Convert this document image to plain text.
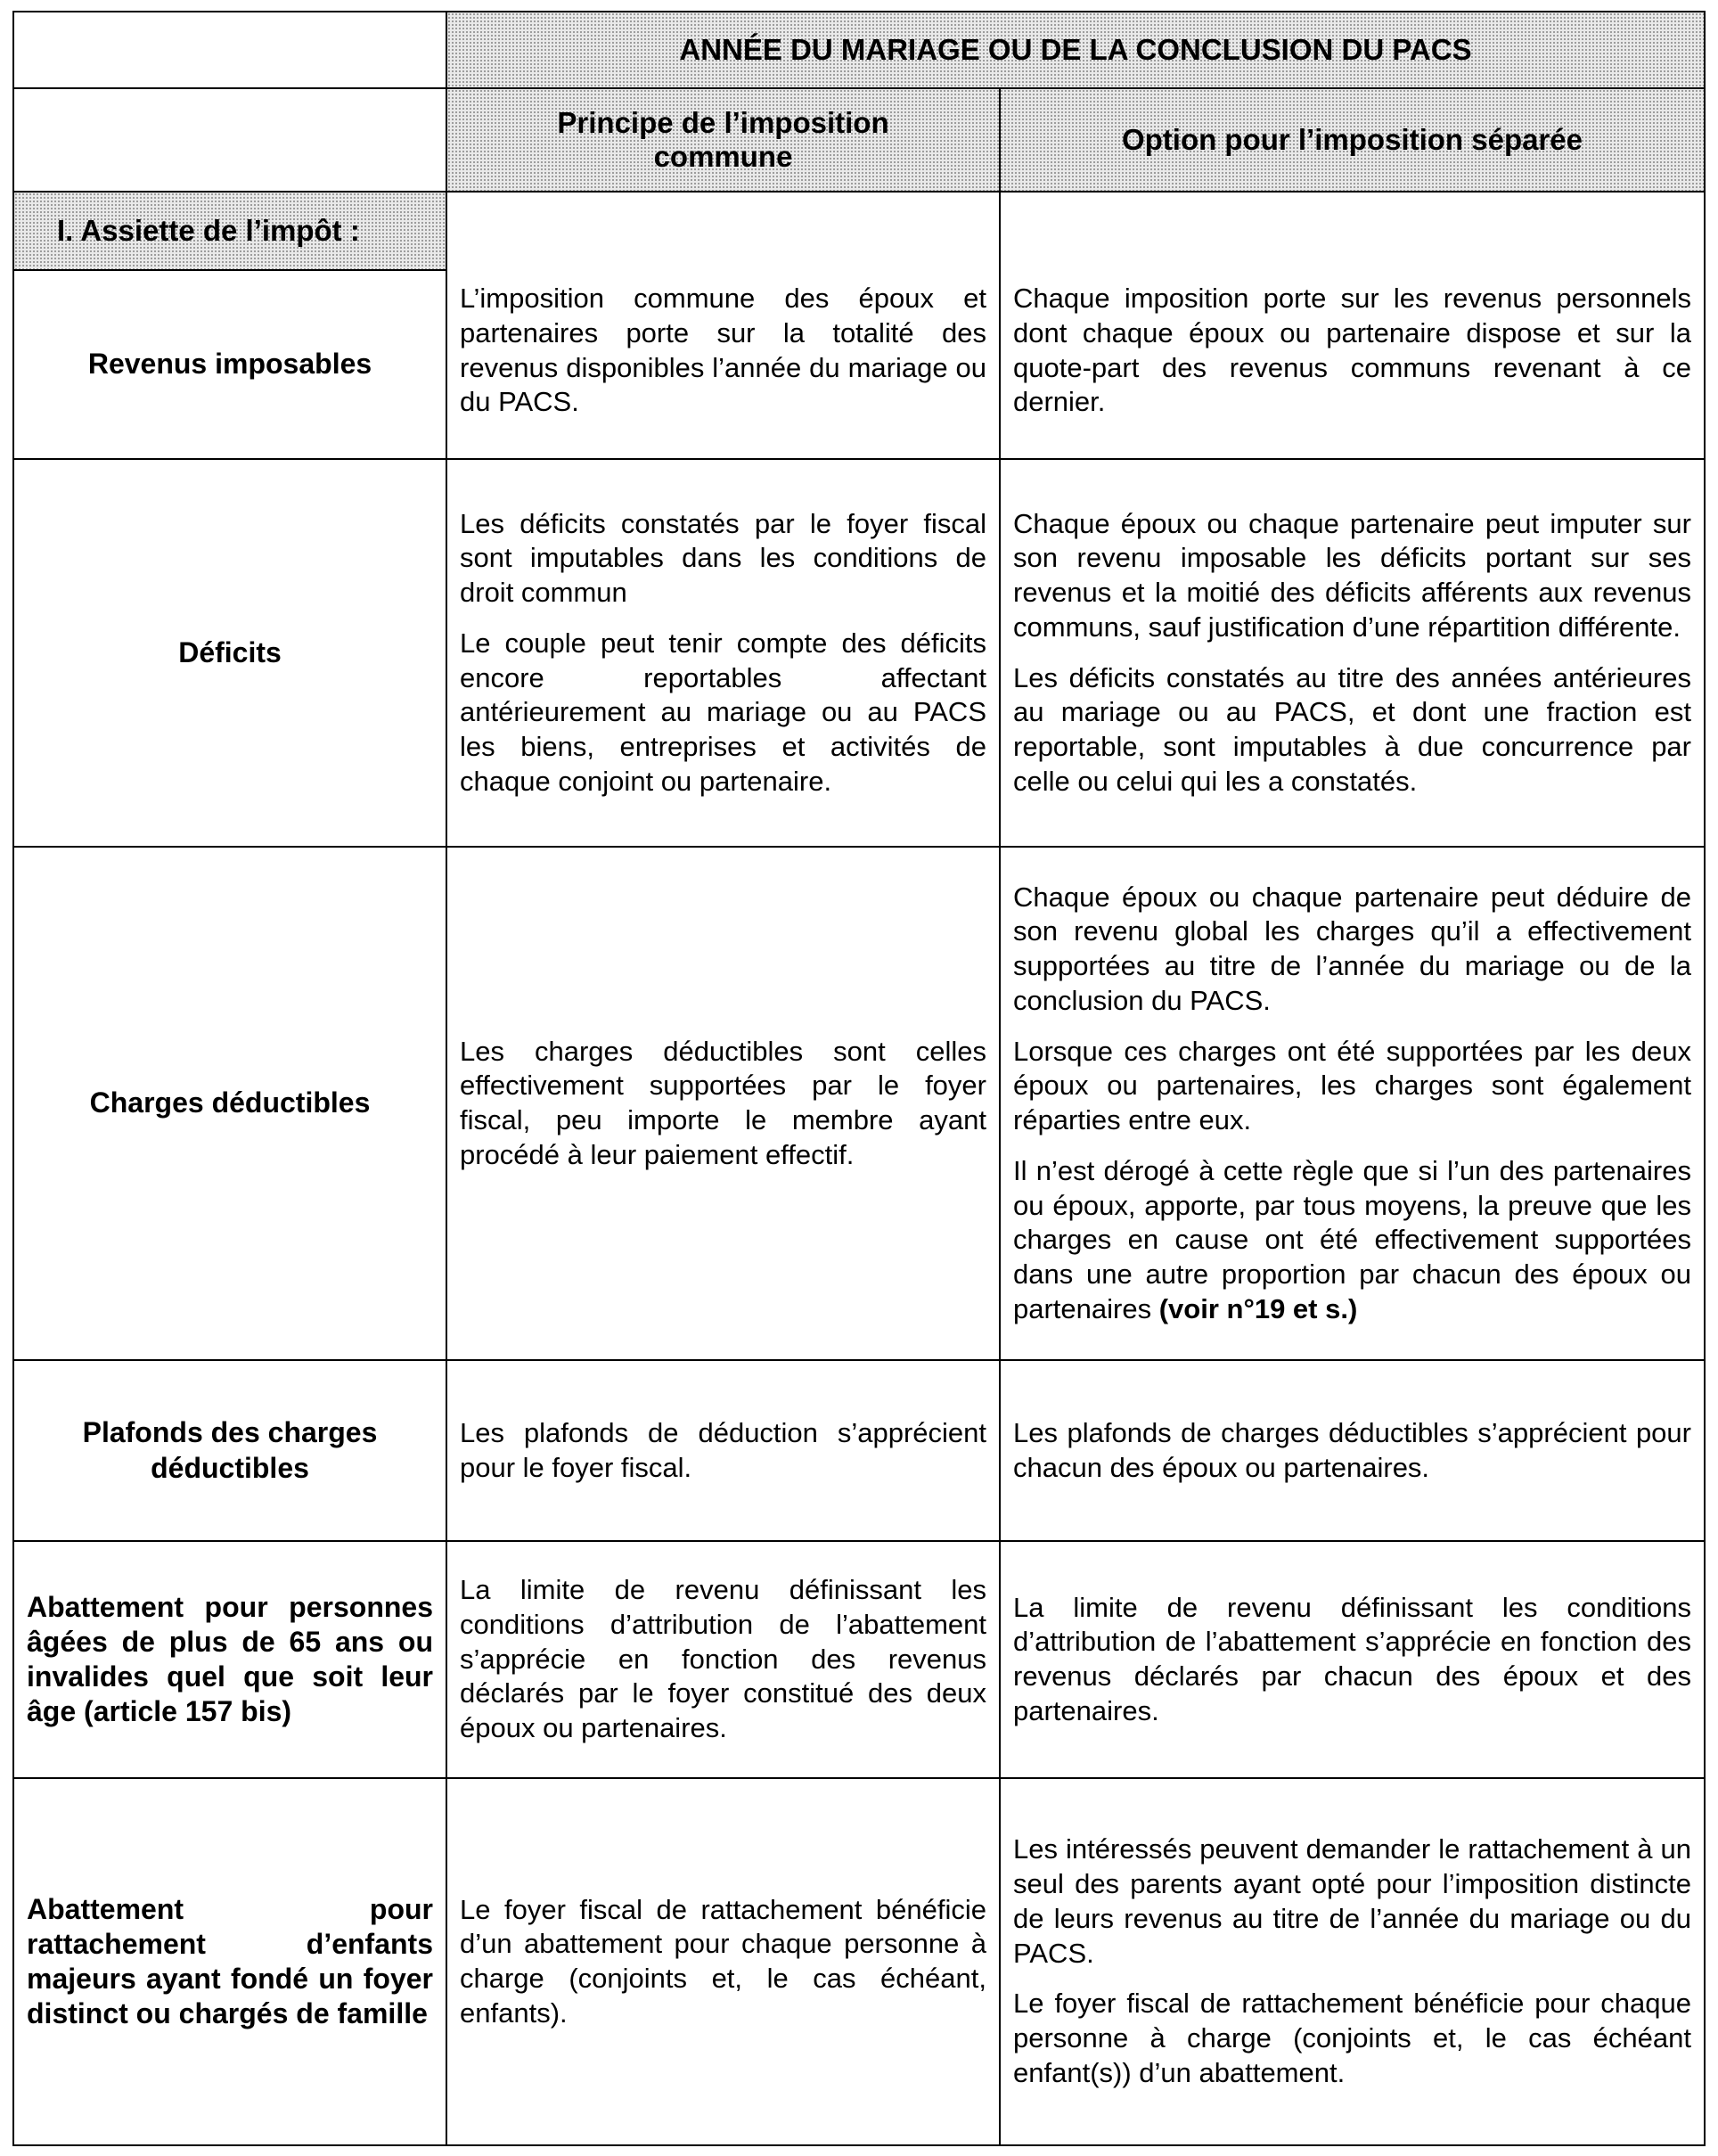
ANNÉE DU MARIAGE OU DE LA CONCLUSION DU PACS
Principe de l’imposition commune
Option pour l’imposition séparée
I. Assiette de l’impôt :
Revenus imposables

L’imposition commune des époux et partenaires porte sur la totalité des revenus disponibles l’année du mariage ou du PACS.

Chaque imposition porte sur les revenus personnels dont chaque époux ou partenaire dispose et sur la quote-part des revenus communs revenant à ce dernier.

Déficits

Les déficits constatés par le foyer fiscal sont imputables dans les conditions de droit commun

Le couple peut tenir compte des déficits encore reportables affectant antérieurement au mariage ou au PACS les biens, entreprises et activités de chaque conjoint ou partenaire.

Chaque époux ou chaque partenaire peut imputer sur son revenu imposable les déficits portant sur ses revenus et la moitié des déficits afférents aux revenus communs, sauf justification d’une répartition différente.

Les déficits constatés au titre des années antérieures au mariage ou au PACS, et dont une fraction est reportable, sont imputables à due concurrence par celle ou celui qui les a constatés.

Charges déductibles

Les charges déductibles sont celles effectivement supportées par le foyer fiscal, peu importe le membre ayant procédé à leur paiement effectif.

Chaque époux ou chaque partenaire peut déduire de son revenu global les charges qu’il a effectivement supportées au titre de l’année du mariage ou de la conclusion du PACS.

Lorsque ces charges ont été supportées par les deux époux ou partenaires, les charges sont également réparties entre eux.

Il n’est dérogé à cette règle que si l’un des partenaires ou époux, apporte, par tous moyens, la preuve que les charges en cause ont été effectivement supportées dans une autre proportion par chacun des époux ou partenaires (voir n°19 et s.)

Plafonds des charges déductibles

Les plafonds de déduction s’apprécient pour le foyer fiscal.

Les plafonds de charges déductibles s’apprécient pour chacun des époux ou partenaires.

Abattement pour personnes âgées de plus de 65 ans ou invalides quel que soit leur âge (article 157 bis)

La limite de revenu définissant les conditions d’attribution de l’abattement s’apprécie en fonction des revenus déclarés par le foyer constitué des deux époux ou partenaires.

La limite de revenu définissant les conditions d’attribution de l’abattement s’apprécie en fonction des revenus déclarés par chacun des époux et des partenaires.

Abattement pour rattachement d’enfants majeurs ayant fondé un foyer distinct ou chargés de famille

Le foyer fiscal de rattachement bénéficie d’un abattement pour chaque personne à charge (conjoints et, le cas échéant, enfants).

Les intéressés peuvent demander le rattachement à un seul des parents ayant opté pour l’imposition distincte de leurs revenus au titre de l’année du mariage ou du PACS.

Le foyer fiscal de rattachement bénéficie pour chaque personne à charge (conjoints et, le cas échéant enfant(s)) d’un abattement.
